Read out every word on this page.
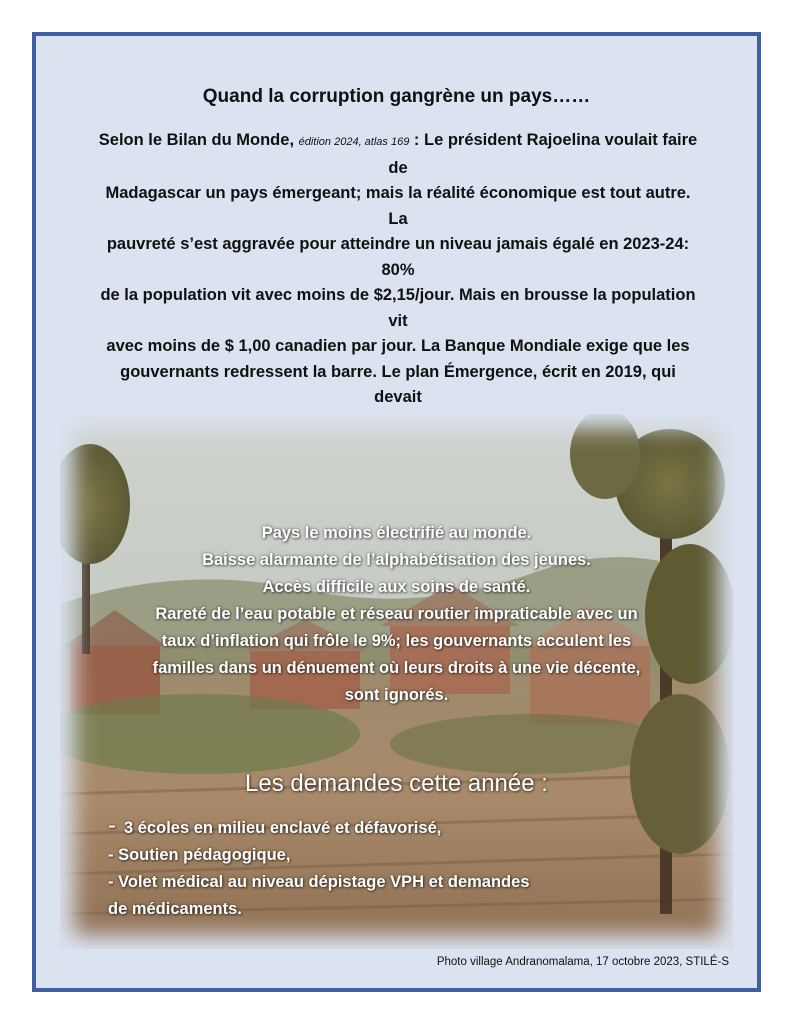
Quand la corruption gangrène un pays……
Selon le Bilan du Monde, édition 2024, atlas 169 : Le président Rajoelina voulait faire de
Madagascar un pays émergeant; mais la réalité économique est tout autre. La
pauvreté s’est aggravée pour atteindre un niveau jamais égalé en 2023-24: 80%
de la population vit avec moins de $2,15/jour. Mais en brousse la population vit
avec moins de $ 1,00 canadien par jour. La Banque Mondiale exige que les
gouvernants redressent la barre. Le plan Émergence, écrit en 2019, qui devait
Pays le moins électrifié au monde.
Baisse alarmante de l’alphabétisation des jeunes.
Accès difficile aux soins de santé.
Rareté de l’eau potable et réseau routier impraticable avec un
taux d’inflation qui frôle le 9%; les gouvernants acculent les
familles dans un dénuement où leurs droits à une vie décente,
sont ignorés.
Les demandes cette année :
- 3 écoles en milieu enclavé et défavorisé,
- Soutien pédagogique,
- Volet médical au niveau dépistage VPH et demandes
de médicaments.
Photo village Andranomalama, 17 octobre 2023, STILÉ-S
